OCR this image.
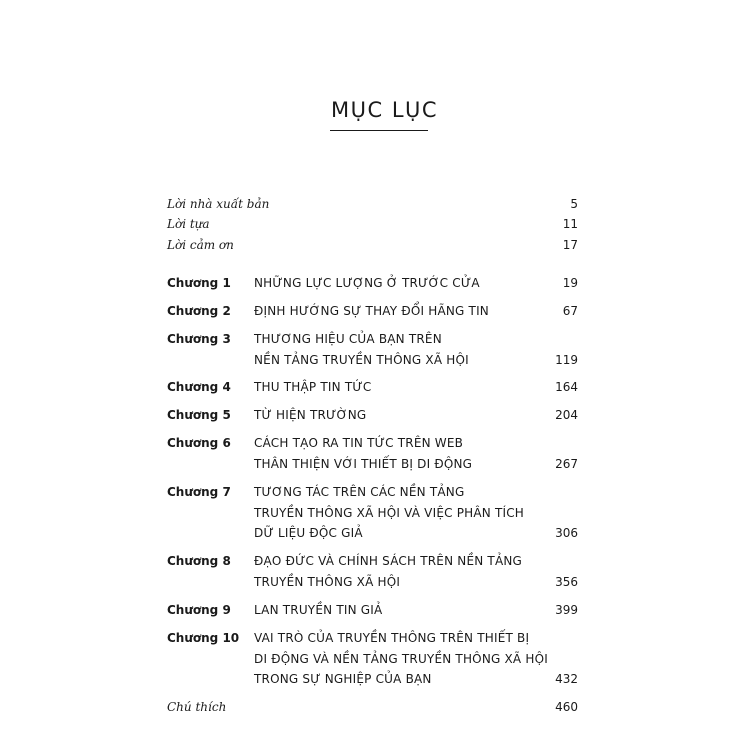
MỤC LỤC
Lời nhà xuất bản	5
Lời tựa	11
Lời cảm ơn	17
Chương 1 NHỮNG LỰC LƯỢNG Ở TRƯỚC CỬA	19
Chương 2 ĐỊNH HƯỚNG SỰ THAY ĐỔI HÃNG TIN	67
Chương 3 THƯƠNG HIỆU CỦA BẠN TRÊN
NỀN TẢNG TRUYỀN THÔNG XÃ HỘI	119
Chương 4 THU THẬP TIN TỨC	164
Chương 5 TỪ HIỆN TRƯỜNG	204
Chương 6 CÁCH TẠO RA TIN TỨC TRÊN WEB
THÂN THIỆN VỚI THIẾT BỊ DI ĐỘNG	267
Chương 7 TƯƠNG TÁC TRÊN CÁC NỀN TẢNG
TRUYỀN THÔNG XÃ HỘI VÀ VIỆC PHÂN TÍCH
DỮ LIỆU ĐỘC GIẢ	306
Chương 8 ĐẠO ĐỨC VÀ CHÍNH SÁCH TRÊN NỀN TẢNG
TRUYỀN THÔNG XÃ HỘI	356
Chương 9 LAN TRUYỀN TIN GIẢ	399
Chương 10 VAI TRÒ CỦA TRUYỀN THÔNG TRÊN THIẾT BỊ
DI ĐỘNG VÀ NỀN TẢNG TRUYỀN THÔNG XÃ HỘI
TRONG SỰ NGHIỆP CỦA BẠN	432
Chú thích	460
